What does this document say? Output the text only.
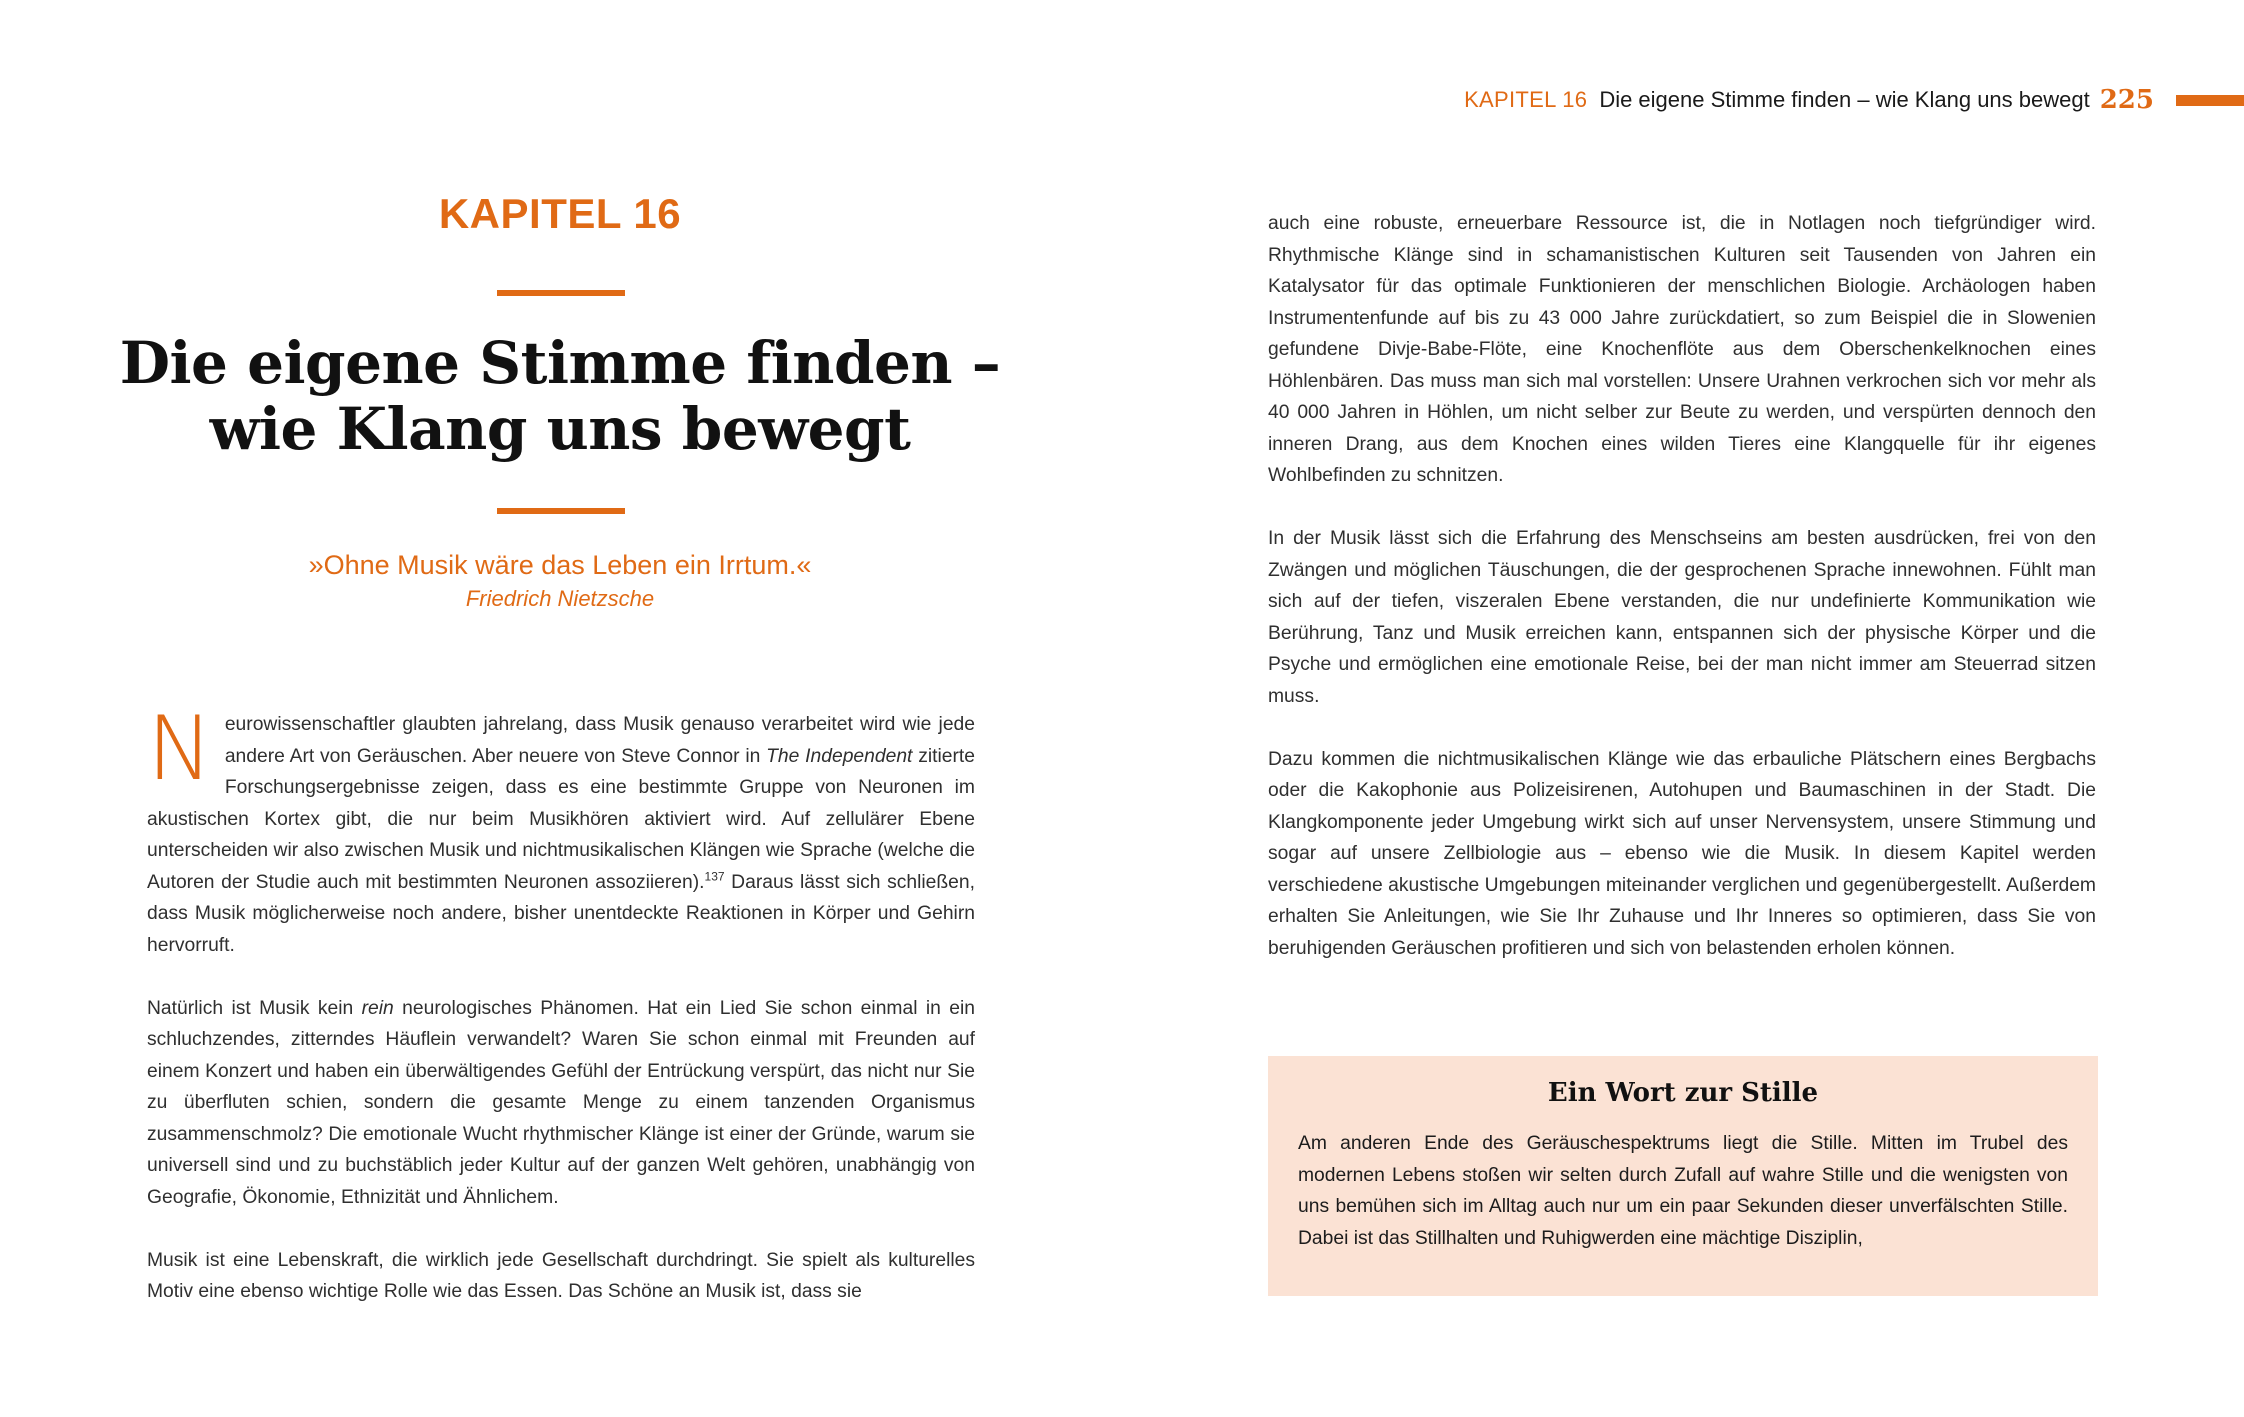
KAPITEL 16 Die eigene Stimme finden – wie Klang uns bewegt 225
KAPITEL 16
Die eigene Stimme finden –
wie Klang uns bewegt
»Ohne Musik wäre das Leben ein Irrtum.«
Friedrich Nietzsche

Neurowissenschaftler glaubten jahrelang, dass Musik genauso verarbeitet wird wie jede andere Art von Geräuschen. Aber neuere von Steve Connor in The Independent zitierte Forschungsergebnisse zeigen, dass es eine bestimmte Gruppe von Neuronen im akustischen Kortex gibt, die nur beim Musikhören aktiviert wird. Auf zellulärer Ebene unterscheiden wir also zwischen Musik und nichtmusikalischen Klängen wie Sprache (welche die Autoren der Studie auch mit bestimmten Neuronen assoziieren).$^{137}$ Daraus lässt sich schließen, dass Musik möglicherweise noch andere, bisher unentdeckte Reaktionen in Körper und Gehirn hervorruft.

Natürlich ist Musik kein rein neurologisches Phänomen. Hat ein Lied Sie schon einmal in ein schluchzendes, zitterndes Häuflein verwandelt? Waren Sie schon einmal mit Freunden auf einem Konzert und haben ein überwältigendes Gefühl der Entrückung verspürt, das nicht nur Sie zu überfluten schien, sondern die gesamte Menge zu einem tanzenden Organismus zusammenschmolz? Die emotionale Wucht rhythmischer Klänge ist einer der Gründe, warum sie universell sind und zu buchstäblich jeder Kultur auf der ganzen Welt gehören, unabhängig von Geografie, Ökonomie, Ethnizität und Ähnlichem.

Musik ist eine Lebenskraft, die wirklich jede Gesellschaft durchdringt. Sie spielt als kulturelles Motiv eine ebenso wichtige Rolle wie das Essen. Das Schöne an Musik ist, dass sie

auch eine robuste, erneuerbare Ressource ist, die in Notlagen noch tiefgründiger wird. Rhythmische Klänge sind in schamanistischen Kulturen seit Tausenden von Jahren ein Katalysator für das optimale Funktionieren der menschlichen Biologie. Archäologen haben Instrumentenfunde auf bis zu 43 000 Jahre zurückdatiert, so zum Beispiel die in Slowenien gefundene Divje-Babe-Flöte, eine Knochenflöte aus dem Oberschenkelknochen eines Höhlenbären. Das muss man sich mal vorstellen: Unsere Urahnen verkrochen sich vor mehr als 40 000 Jahren in Höhlen, um nicht selber zur Beute zu werden, und verspürten dennoch den inneren Drang, aus dem Knochen eines wilden Tieres eine Klangquelle für ihr eigenes Wohlbefinden zu schnitzen.

In der Musik lässt sich die Erfahrung des Menschseins am besten ausdrücken, frei von den Zwängen und möglichen Täuschungen, die der gesprochenen Sprache innewohnen. Fühlt man sich auf der tiefen, viszeralen Ebene verstanden, die nur undefinierte Kommunikation wie Berührung, Tanz und Musik erreichen kann, entspannen sich der physische Körper und die Psyche und ermöglichen eine emotionale Reise, bei der man nicht immer am Steuerrad sitzen muss.

Dazu kommen die nichtmusikalischen Klänge wie das erbauliche Plätschern eines Bergbachs oder die Kakophonie aus Polizeisirenen, Autohupen und Baumaschinen in der Stadt. Die Klangkomponente jeder Umgebung wirkt sich auf unser Nervensystem, unsere Stimmung und sogar auf unsere Zellbiologie aus – ebenso wie die Musik. In diesem Kapitel werden verschiedene akustische Umgebungen miteinander verglichen und gegenübergestellt. Außerdem erhalten Sie Anleitungen, wie Sie Ihr Zuhause und Ihr Inneres so optimieren, dass Sie von beruhigenden Geräuschen profitieren und sich von belastenden erholen können.

Ein Wort zur Stille

Am anderen Ende des Geräuschespektrums liegt die Stille. Mitten im Trubel des modernen Lebens stoßen wir selten durch Zufall auf wahre Stille und die wenigsten von uns bemühen sich im Alltag auch nur um ein paar Sekunden dieser unverfälschten Stille. Dabei ist das Stillhalten und Ruhigwerden eine mächtige Disziplin,
